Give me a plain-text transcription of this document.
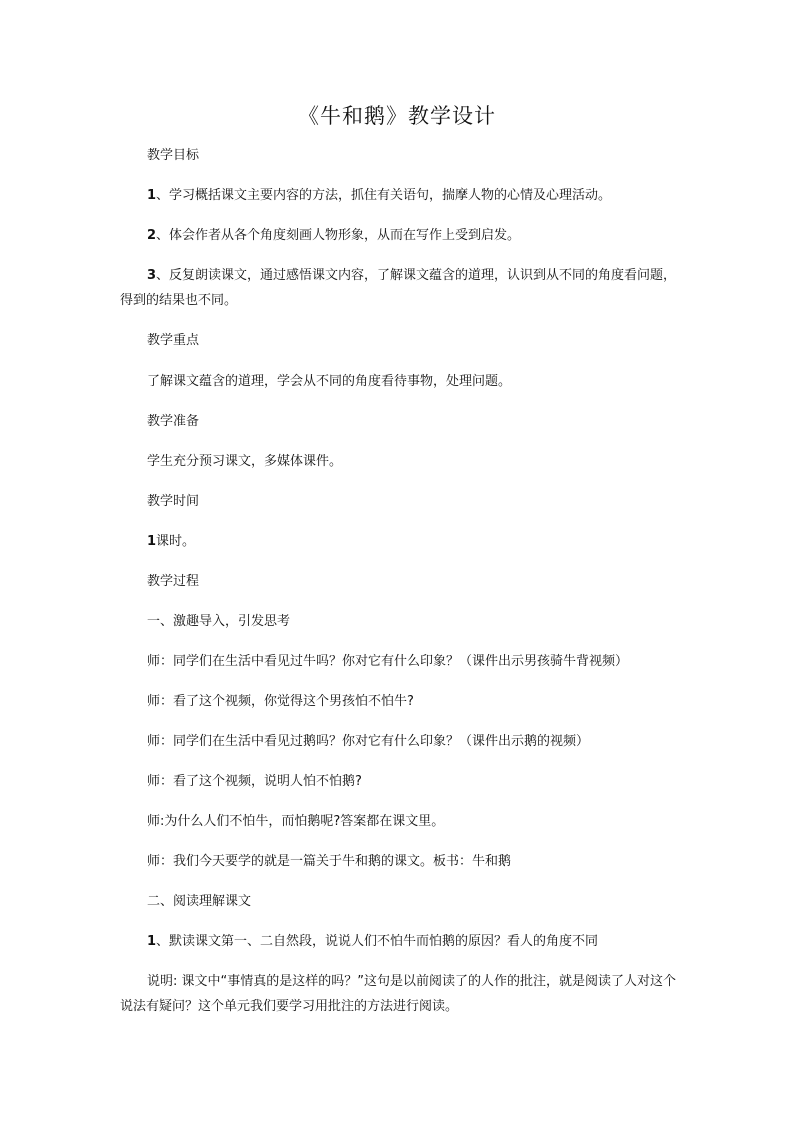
《牛和鹅》教学设计
教学目标
1、学习概括课文主要内容的方法，抓住有关语句，揣摩人物的心情及心理活动。
2、体会作者从各个角度刻画人物形象，从而在写作上受到启发。
3、反复朗读课文，通过感悟课文内容，了解课文蕴含的道理，认识到从不同的角度看问题，得到的结果也不同。
教学重点
了解课文蕴含的道理，学会从不同的角度看待事物，处理问题。
教学准备
学生充分预习课文，多媒体课件。
教学时间
1课时。
教学过程
一、激趣导入，引发思考
师：同学们在生活中看见过牛吗？你对它有什么印象？（课件出示男孩骑牛背视频）
师：看了这个视频，你觉得这个男孩怕不怕牛?
师：同学们在生活中看见过鹅吗？你对它有什么印象？（课件出示鹅的视频）
师：看了这个视频，说明人怕不怕鹅?
师:为什么人们不怕牛，而怕鹅呢?答案都在课文里。
师：我们今天要学的就是一篇关于牛和鹅的课文。板书：牛和鹅
二、阅读理解课文
1、默读课文第一、二自然段，说说人们不怕牛而怕鹅的原因？看人的角度不同
说明: 课文中“事情真的是这样的吗？”这句是以前阅读了的人作的批注，就是阅读了人对这个说法有疑问？这个单元我们要学习用批注的方法进行阅读。
